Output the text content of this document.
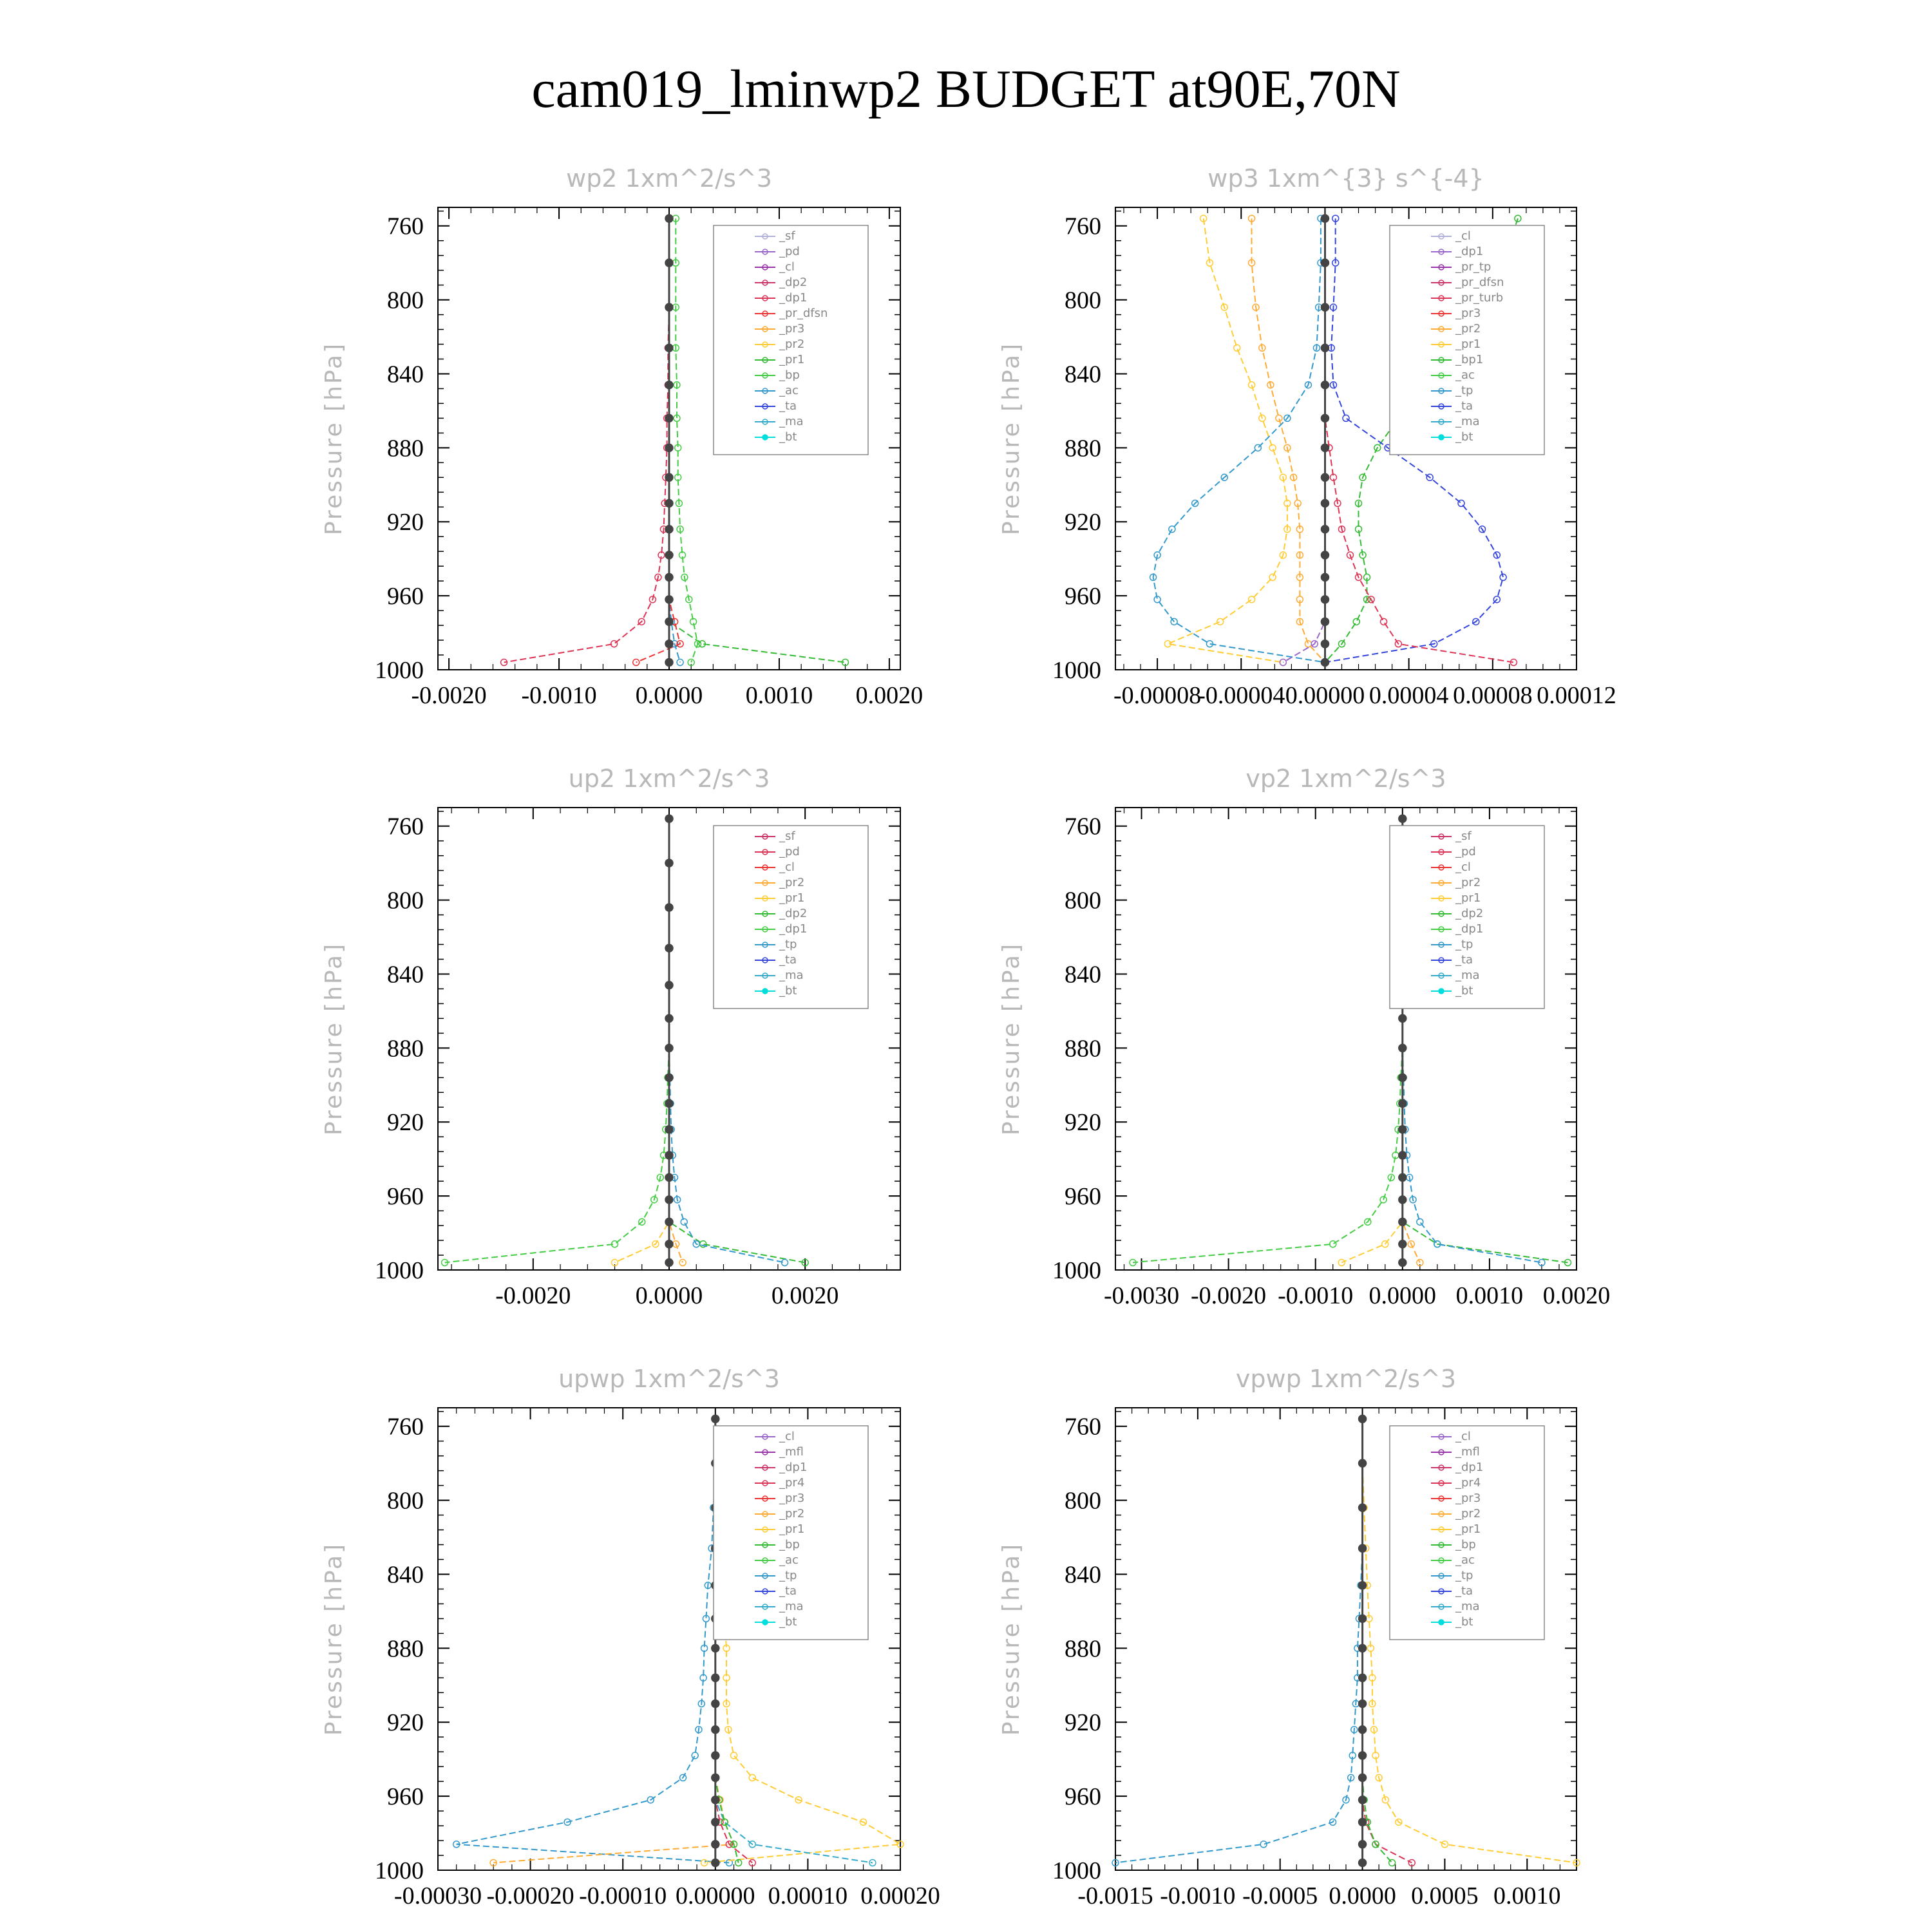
cam019_lminwp2 BUDGET at90E,70N
wp2 1xm^2/s^3
Pressure [hPa]
760
800
840
880
920
960
1000
-0.0020 -0.0010 0.0000 0.0010 0.0020
_sf
_pd
_cl
_dp2
_dp1
_pr_dfsn
_pr3
_pr2
_pr1
_bp
_ac
_ta
_ma
_bt
wp3 1xm^{3} s^{-4}
Pressure [hPa]
760
800
840
880
920
960
1000
-0.00008
-0.00004 0.00000 0.00004 0.00008 0.00012
_cl
_dp1
_pr_tp
_pr_dfsn
_pr_turb
_pr3
_pr2
_pr1
_bp1
_ac
_tp
_ta
_ma
_bt
up2 1xm^2/s^3
Pressure [hPa]
760
800
840
880
920
960
1000
-0.0020	0.0000	0.0020
_sf
_pd
_cl
_pr2
_pr1
_dp2
_dp1
_tp
_ta
_ma
_bt
vp2 1xm^2/s^3
Pressure [hPa]
760
800
840
880
920
960
1000
-0.0030 -0.0020 -0.0010 0.0000 0.0010 0.0020
_sf
_pd
_cl
_pr2
_pr1
_dp2
_dp1
_tp
_ta
_ma
_bt
upwp 1xm^2/s^3
Pressure [hPa]
760
800
840
880
920
960
1000
-0.00030 -0.00020 -0.00010 0.00000 0.00010 0.00020
_cl
_mfl
_dp1
_pr4
_pr3
_pr2
_pr1
_bp
_ac
_tp
_ta
_ma
_bt
vpwp 1xm^2/s^3
Pressure [hPa]
760
800
840
880
920
960
1000
-0.0015 -0.0010 -0.0005 0.0000 0.0005 0.0010
_cl
_mfl
_dp1
_pr4
_pr3
_pr2
_pr1
_bp
_ac
_tp
_ta
_ma
_bt
